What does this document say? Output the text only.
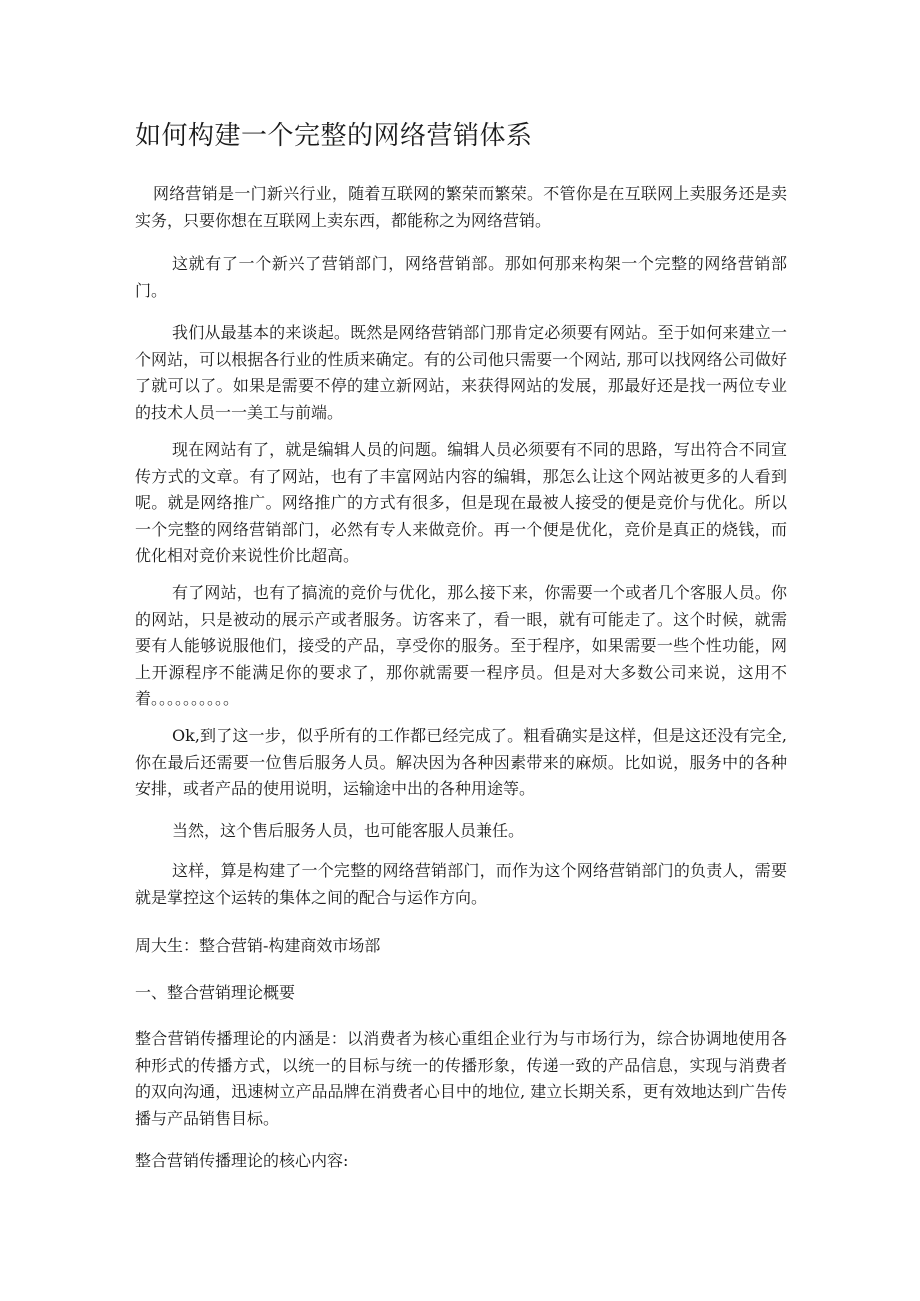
如何构建一个完整的网络营销体系

网络营销是一门新兴行业，随着互联网的繁荣而繁荣。不管你是在互联网上卖服务还是卖实务，只要你想在互联网上卖东西，都能称之为网络营销。

这就有了一个新兴了营销部门，网络营销部。那如何那来构架一个完整的网络营销部门。

我们从最基本的来谈起。既然是网络营销部门那肯定必须要有网站。至于如何来建立一个网站，可以根据各行业的性质来确定。有的公司他只需要一个网站, 那可以找网络公司做好了就可以了。如果是需要不停的建立新网站，来获得网站的发展，那最好还是找一两位专业的技术人员一一美工与前端。

现在网站有了，就是编辑人员的问题。编辑人员必须要有不同的思路，写出符合不同宣传方式的文章。有了网站，也有了丰富网站内容的编辑，那怎么让这个网站被更多的人看到呢。就是网络推广。网络推广的方式有很多，但是现在最被人接受的便是竞价与优化。所以一个完整的网络营销部门，必然有专人来做竞价。再一个便是优化，竞价是真正的烧钱，而优化相对竞价来说性价比超高。

有了网站，也有了搞流的竞价与优化，那么接下来，你需要一个或者几个客服人员。你的网站，只是被动的展示产或者服务。访客来了，看一眼，就有可能走了。这个时候，就需要有人能够说服他们，接受的产品，享受你的服务。至于程序，如果需要一些个性功能，网上开源程序不能满足你的要求了，那你就需要一程序员。但是对大多数公司来说，这用不着。。。。。。。。。。

Ok,到了这一步，似乎所有的工作都已经完成了。粗看确实是这样，但是这还没有完全, 你在最后还需要一位售后服务人员。解决因为各种因素带来的麻烦。比如说，服务中的各种安排，或者产品的使用说明，运输途中出的各种用途等。

当然，这个售后服务人员，也可能客服人员兼任。

这样，算是构建了一个完整的网络营销部门，而作为这个网络营销部门的负责人，需要就是掌控这个运转的集体之间的配合与运作方向。

周大生：整合营销-构建商效市场部

一、整合营销理论概要

整合营销传播理论的内涵是：以消费者为核心重组企业行为与市场行为，综合协调地使用各种形式的传播方式，以统一的目标与统一的传播形象，传递一致的产品信息，实现与消费者的双向沟通，迅速树立产品品牌在消费者心目中的地位, 建立长期关系，更有效地达到广告传播与产品销售目标。

整合营销传播理论的核心内容:
